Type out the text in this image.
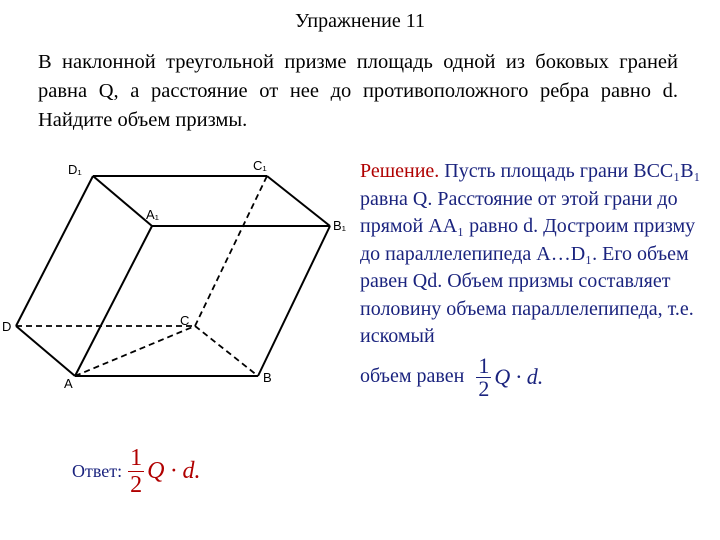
Упражнение 11
В наклонной треугольной призме площадь одной из боковых граней равна Q, а расстояние от нее до противоположного ребра равно d. Найдите объем призмы.
D₁	C₁
A₁
B₁
D	C
A	B
Решение. Пусть площадь грани BCC₁B₁ равна Q. Расстояние от этой грани до прямой AA₁ равно d. Достроим призму до параллелепипеда A…D₁. Его объем равен Qd. Объем призмы составляет половину объема параллелепипеда, т.е. искомый
объем равен $\frac{1}{2}$ Q · d.
Ответ: $\frac{1}{2}$ Q · d.
